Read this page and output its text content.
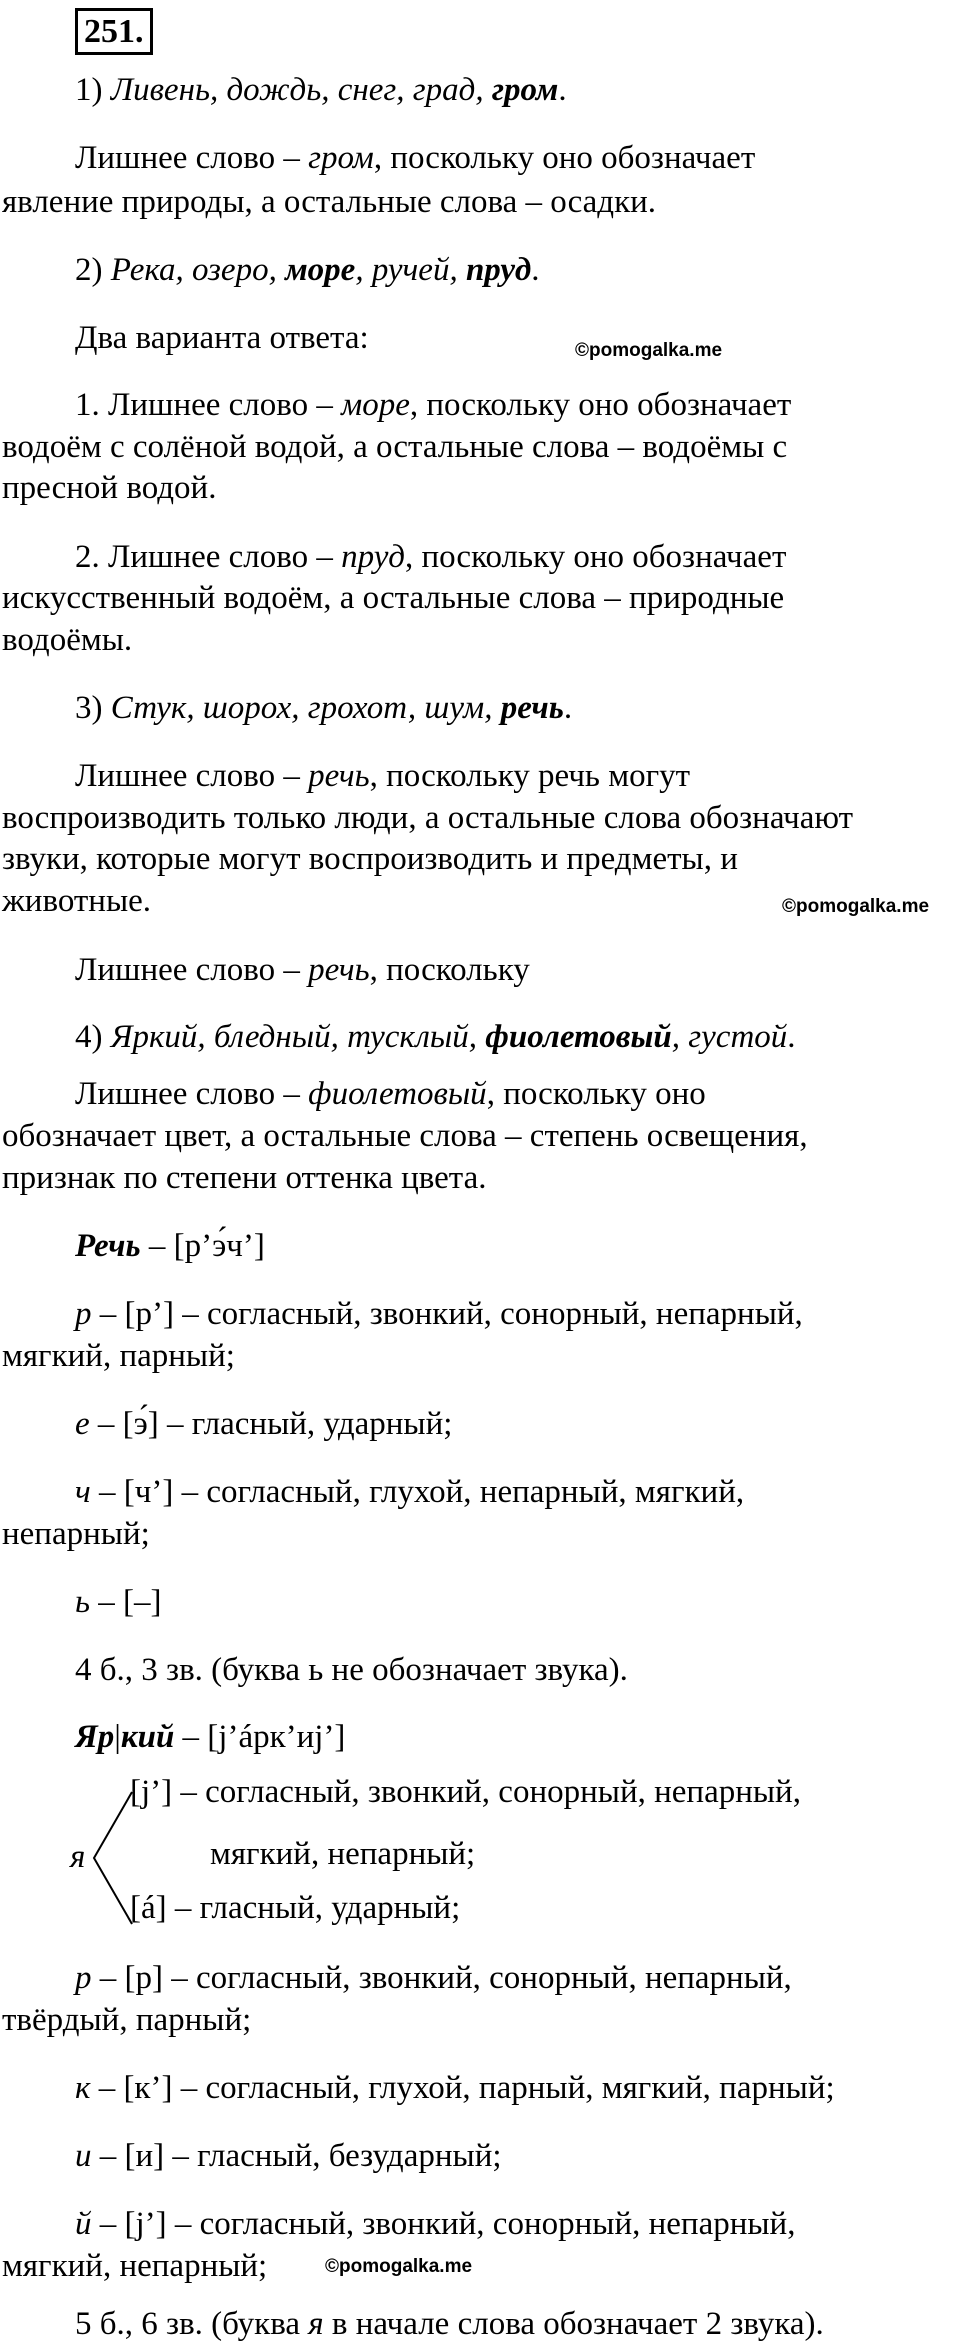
251.
1) Ливень, дождь, снег, град, гром.
Лишнее слово – гром, поскольку оно обозначает
явление природы, а остальные слова – осадки.
2) Река, озеро, море, ручей, пруд.
©pomogalka.me
Два варианта ответа:
1. Лишнее слово – море, поскольку оно обозначает
водоём с солёной водой, а остальные слова – водоёмы с
пресной водой.
2. Лишнее слово – пруд, поскольку оно обозначает
искусственный водоём, а остальные слова – природные
водоёмы.
3) Стук, шорох, грохот, шум, речь.
Лишнее слово – речь, поскольку речь могут
воспроизводить только люди, а остальные слова обозначают
звуки, которые могут воспроизводить и предметы, и
животные.	©pomogalka.me
Лишнее слово – речь, поскольку
4) Яркий, бледный, тусклый, фиолетовый, густой.
Лишнее слово – фиолетовый, поскольку оно
обозначает цвет, а остальные слова – степень освещения,
признак по степени оттенка цвета.
Речь – [р’э́ч’]
р – [р’] – согласный, звонкий, сонорный, непарный,
мягкий, парный;
е – [э́] – гласный, ударный;
ч – [ч’] – согласный, глухой, непарный, мягкий,
непарный;
ь – [–]
4 б., 3 зв. (буква ь не обозначает звука).
Яр|кий – [j’áрк’иj’]
я
[j’] – согласный, звонкий, сонорный, непарный,
мягкий, непарный;
[á] – гласный, ударный;
р – [р] – согласный, звонкий, сонорный, непарный,
твёрдый, парный;
к – [к’] – согласный, глухой, парный, мягкий, парный;
и – [и] – гласный, безударный;
й – [j’] – согласный, звонкий, сонорный, непарный,
мягкий, непарный;	©pomogalka.me
5 б., 6 зв. (буква я в начале слова обозначает 2 звука).
